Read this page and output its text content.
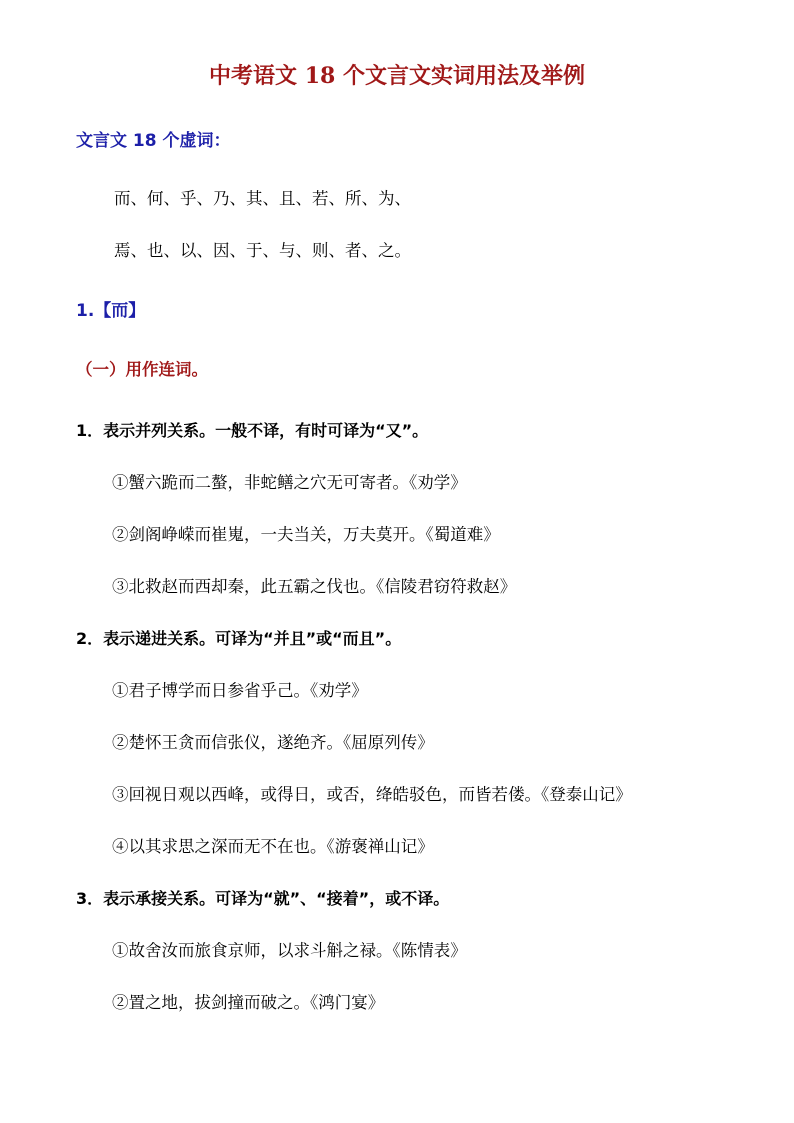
中考语文 18 个文言文实词用法及举例
文言文 18 个虚词：
而、何、乎、乃、其、且、若、所、为、
焉、也、以、因、于、与、则、者、之。
1.【而】
（一）用作连词。
1．表示并列关系。一般不译，有时可译为“又”。
①蟹六跪而二螯，非蛇鳝之穴无可寄者。《劝学》
②剑阁峥嵘而崔嵬，一夫当关，万夫莫开。《蜀道难》
③北救赵而西却秦，此五霸之伐也。《信陵君窃符救赵》
2．表示递进关系。可译为“并且”或“而且”。
①君子博学而日参省乎己。《劝学》
②楚怀王贪而信张仪，遂绝齐。《屈原列传》
③回视日观以西峰，或得日，或否，绛皓驳色，而皆若偻。《登泰山记》
④以其求思之深而无不在也。《游褒禅山记》
3．表示承接关系。可译为“就”、“接着”，或不译。
①故舍汝而旅食京师，以求斗斛之禄。《陈情表》
②置之地，拔剑撞而破之。《鸿门宴》
